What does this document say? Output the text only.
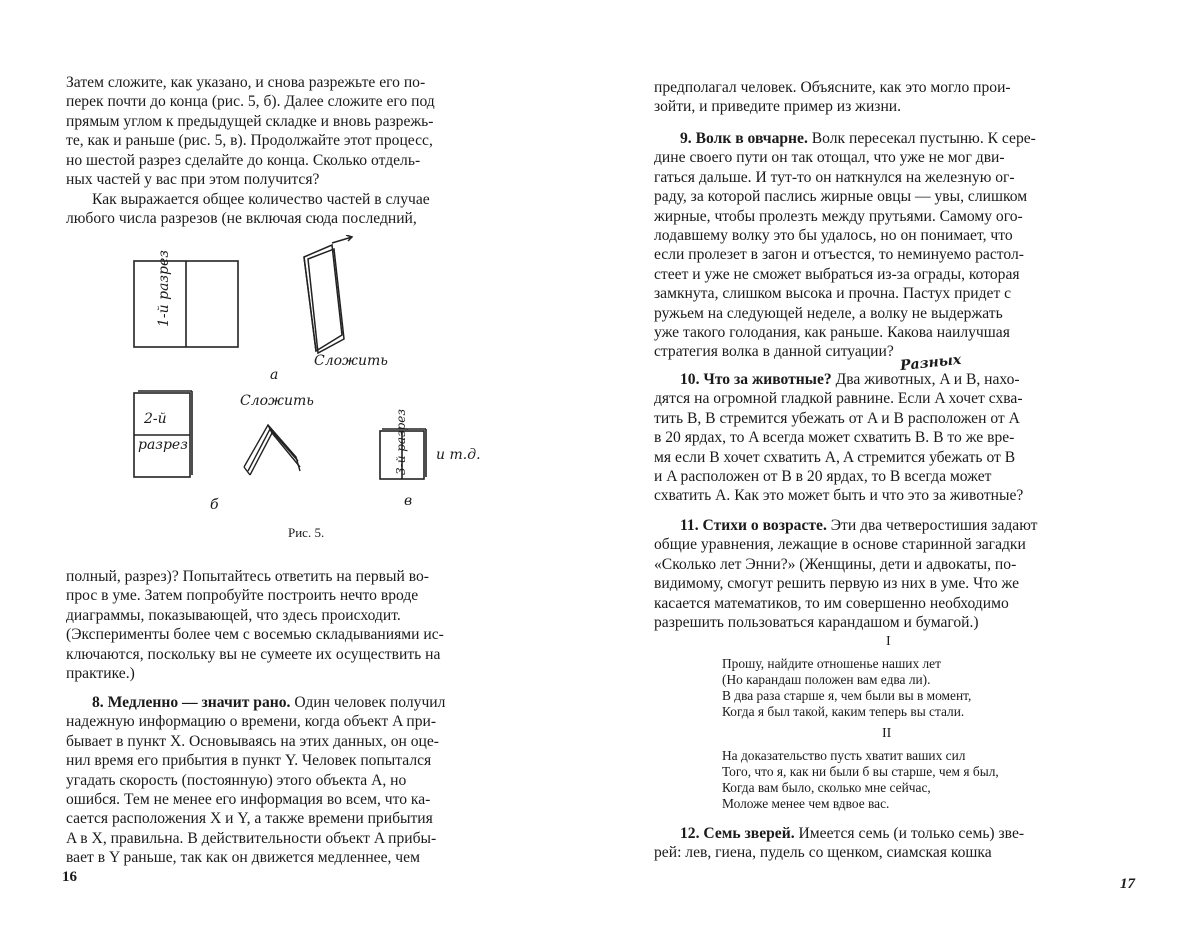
Затем сложите, как указано, и снова разрежьте его по-
перек почти до конца (рис. 5, б). Далее сложите его под
прямым углом к предыдущей складке и вновь разрежь-
те, как и раньше (рис. 5, в). Продолжайте этот процесс,
но шестой разрез сделайте до конца. Сколько отдель-
ных частей у вас при этом получится?

Как выражается общее количество частей в случае
любого числа разрезов (не включая сюда последний,

1-й разрез
Сложить
а
Сложить
2-й
разрез
б
3-й разрез и т.д.
в
Рис. 5.

полный, разрез)? Попытайтесь ответить на первый во-
прос в уме. Затем попробуйте построить нечто вроде
диаграммы, показывающей, что здесь происходит.
(Эксперименты более чем с восемью складываниями ис-
ключаются, поскольку вы не сумеете их осуществить на
практике.)

8. Медленно — значит рано. Один человек получил
надежную информацию о времени, когда объект A при-
бывает в пункт X. Основываясь на этих данных, он оце-
нил время его прибытия в пункт Y. Человек попытался
угадать скорость (постоянную) этого объекта A, но
ошибся. Тем не менее его информация во всем, что ка-
сается расположения X и Y, а также времени прибытия
A в X, правильна. В действительности объект A прибы-
вает в Y раньше, так как он движется медленнее, чем

16

предполагал человек. Объясните, как это могло прои-
зойти, и приведите пример из жизни.

9. Волк в овчарне. Волк пересекал пустыню. К сере-
дине своего пути он так отощал, что уже не мог дви-
гаться дальше. И тут-то он наткнулся на железную ог-
раду, за которой паслись жирные овцы — увы, слишком
жирные, чтобы пролезть между прутьями. Самому ого-
лодавшему волку это бы удалось, но он понимает, что
если пролезет в загон и отъестся, то неминуемо растол-
стеет и уже не сможет выбраться из-за ограды, которая
замкнута, слишком высока и прочна. Пастух придет с
ружьем на следующей неделе, а волку не выдержать
уже такого голодания, как раньше. Какова наилучшая
стратегия волка в данной ситуации? Разных

10. Что за животные? Два животных, A и B, нахо-
дятся на огромной гладкой равнине. Если A хочет схва-
тить B, B стремится убежать от A и B расположен от A
в 20 ярдах, то A всегда может схватить B. В то же вре-
мя если B хочет схватить A, A стремится убежать от B
и A расположен от B в 20 ярдах, то B всегда может
схватить A. Как это может быть и что это за животные?

11. Стихи о возрасте. Эти два четверостишия задают
общие уравнения, лежащие в основе старинной загадки
«Сколько лет Энни?» (Женщины, дети и адвокаты, по-
видимому, смогут решить первую из них в уме. Что же
касается математиков, то им совершенно необходимо
разрешить пользоваться карандашом и бумагой.)

I

Прошу, найдите отношенье наших лет
(Но карандаш положен вам едва ли).
В два раза старше я, чем были вы в момент,
Когда я был такой, каким теперь вы стали.

II

На доказательство пусть хватит ваших сил
Того, что я, как ни были б вы старше, чем я был,
Когда вам было, сколько мне сейчас,
Моложе менее чем вдвое вас.

12. Семь зверей. Имеется семь (и только семь) зве-
рей: лев, гиена, пудель со щенком, сиамская кошка

17
